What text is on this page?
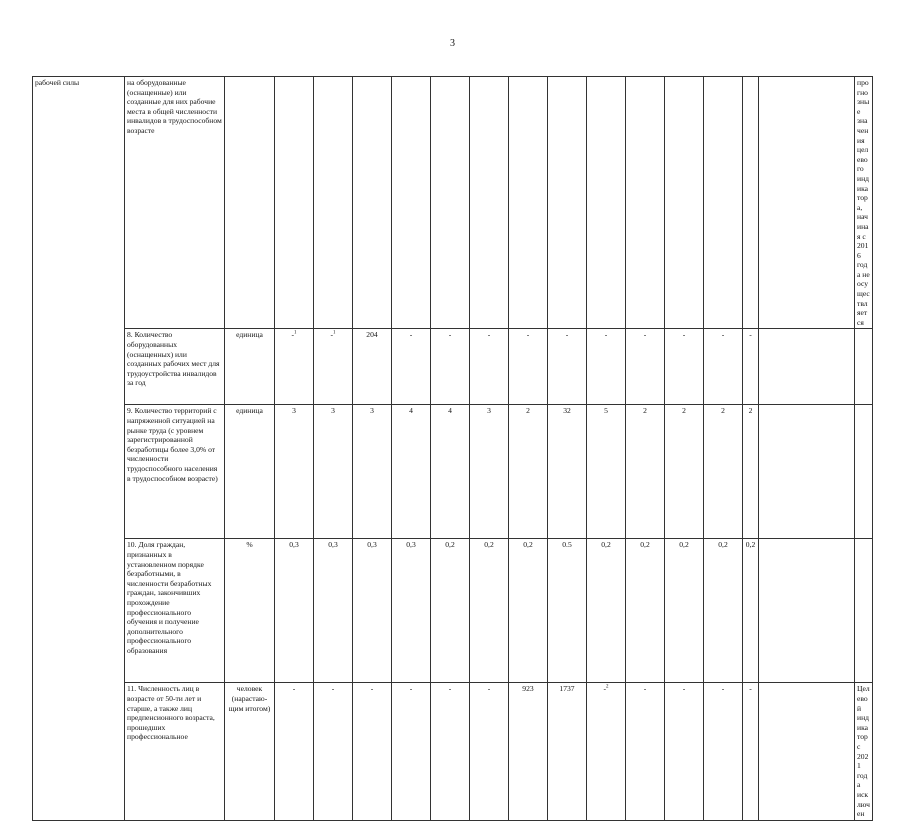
3
рабочей силы	на оборудованные (оснащенные) или созданные для них рабочие места в общей численности инвалидов в трудоспособном возрасте																прогнозные значения целевого индикатора, начиная с 2016 года не осуществляется
	8. Количество оборудованных (оснащенных) или созданных рабочих мест для трудоустройства инвалидов за год	единица	-$^1$	-$^1$	204	-	-	-	-	-	-	-	-	-	-		
	9. Количество территорий с напряженной ситуацией на рынке труда (с уровнем зарегистрированной безработицы более 3,0% от численности трудоспособного населения в трудоспособном возрасте)	единица	3	3	3	4	4	3	2	32	5	2	2	2	2		
	10. Доля граждан, признанных в установленном порядке безработными, в численности безработных граждан, закончивших прохождение профессионального обучения и получение дополнительного профессионального образования	%	0,3	0,3	0,3	0,3	0,2	0,2	0,2	0.5	0,2	0,2	0,2	0,2	0,2		
	11. Численность лиц в возрасте от 50-ти лет и старше, а также лиц предпенсионного возраста, прошедших профессиональное	человек (нарастаю-щим итогом)	-	-	-	-	-	-	923	1737	-$^2$	-	-	-	-		Целевой индикатор с 2021 года исключен
